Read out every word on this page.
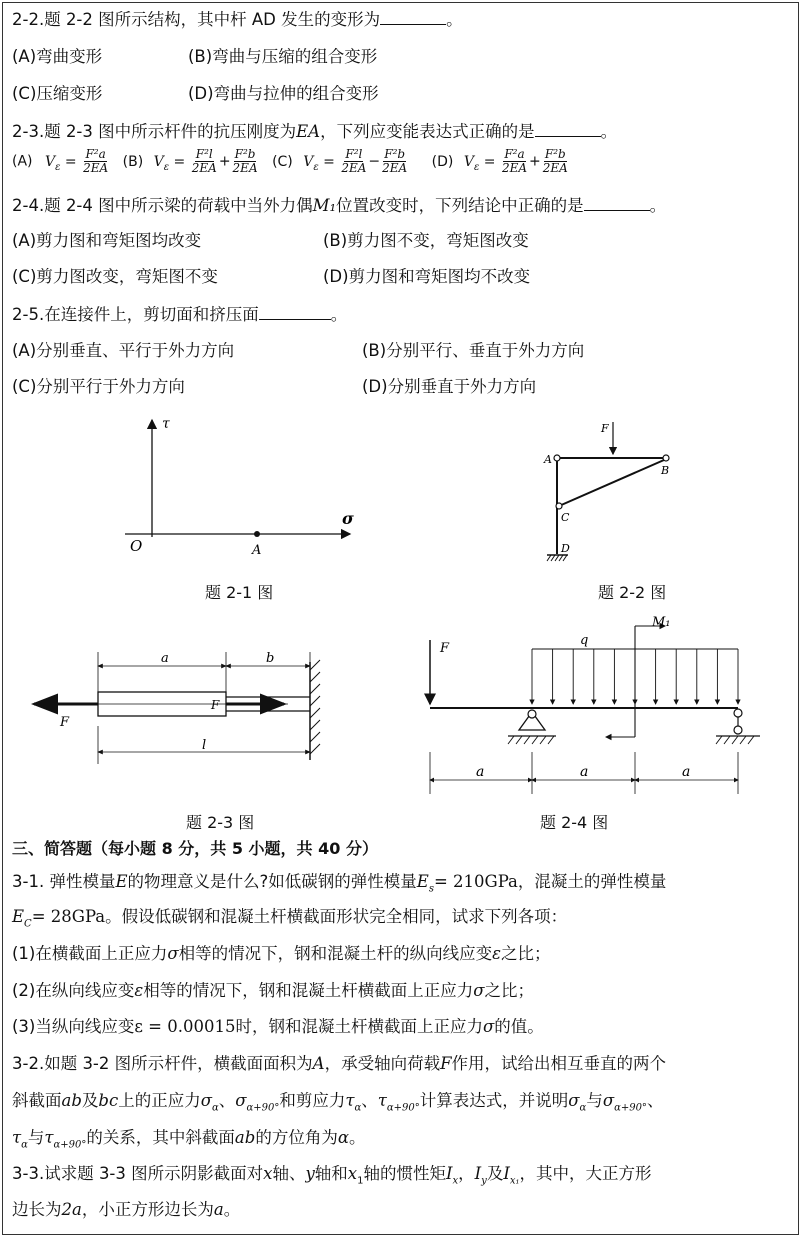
2-2.题 2-2 图所示结构，其中杆 AD 发生的变形为	。
(A)弯曲变形	(B)弯曲与压缩的组合变形
(C)压缩变形	(D)弯曲与拉伸的组合变形
2-3.题 2-3 图中所示杆件的抗压刚度为EA，下列应变能表达式正确的是	。
(A) $V_\varepsilon = \frac{\text{F²a}}{2EA} (B) V_\varepsilon = \frac{\text{F²l}}{2EA} + \frac{\text{F²b}}{2EA} (C) V_\varepsilon = \frac{\text{F²l}}{2EA} - \frac{\text{F²b}}{2EA} (D) V_\varepsilon = \frac{\text{F²a}}{2EA} + \frac{\text{F²b}}{2EA}$
2-4.题 2-4 图中所示梁的荷载中当外力偶M₁位置改变时，下列结论中正确的是	。
(A)剪力图和弯矩图均改变	(B)剪力图不变，弯矩图改变
(C)剪力图改变，弯矩图不变	(D)剪力图和弯矩图均不改变
2-5.在连接件上，剪切面和挤压面	。
(A)分别垂直、平行于外力方向	(B)分别平行、垂直于外力方向
(C)分别平行于外力方向	(D)分别垂直于外力方向
τ
σ
O	A
题 2-1 图
F
A
B
C
D
题 2-2 图
a	b
F
F
l
题 2-3 图
F
q
M₁
a	a	a
题 2-4 图
三、简答题（每小题 8 分，共 5 小题，共 40 分）
3-1. 弹性模量E的物理意义是什么?如低碳钢的弹性模量$E_s= 210GPa$，混凝土的弹性模量
$E_C= 28GPa$。假设低碳钢和混凝土杆横截面形状完全相同，试求下列各项：
(1)在横截面上正应力σ相等的情况下，钢和混凝土杆的纵向线应变ε之比；
(2)在纵向线应变ε相等的情况下，钢和混凝土杆横截面上正应力σ之比；
(3)当纵向线应变ε = 0.00015时，钢和混凝土杆横截面上正应力σ的值。
3-2.如题 3-2 图所示杆件，横截面面积为A，承受轴向荷载F作用，试给出相互垂直的两个
斜截面ab及bc上的正应力$\sigma_\alpha$、$\sigma_{\alpha+90^\circ}$和剪应力$\tau_\alpha$、$\tau_{\alpha+90^\circ}$计算表达式，并说明$\sigma_\alpha$与$\sigma_{\alpha+90^\circ}$、
$\tau_\alpha$与$\tau_{\alpha+90^\circ}$的关系，其中斜截面ab的方位角为α。
3-3.试求题 3-3 图所示阴影截面对x轴、y轴和$x_1$轴的惯性矩$I_x$，$I_y$及$I_{x_1}$，其中，大正方形
边长为2a，小正方形边长为a。
